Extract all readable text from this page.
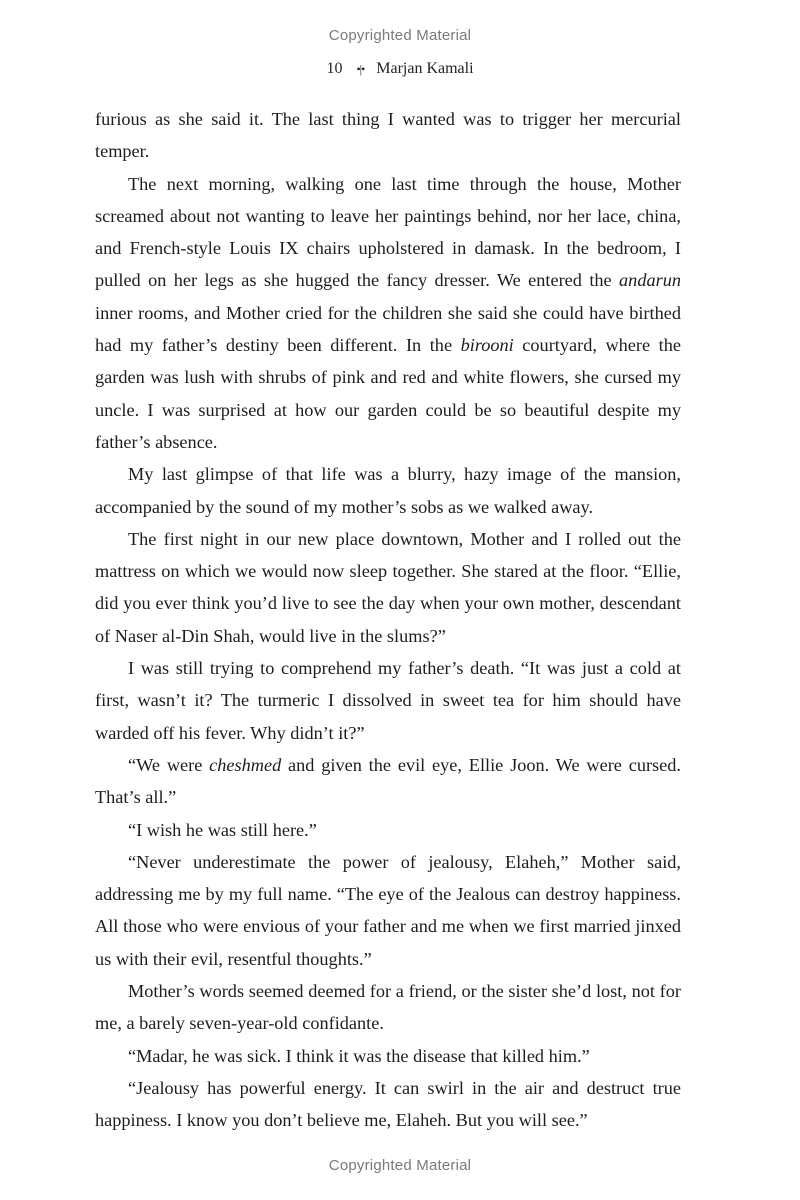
Copyrighted Material
10 •|• Marjan Kamali

furious as she said it. The last thing I wanted was to trigger her mercurial temper.

The next morning, walking one last time through the house, Mother screamed about not wanting to leave her paintings behind, nor her lace, china, and French-style Louis IX chairs upholstered in damask. In the bedroom, I pulled on her legs as she hugged the fancy dresser. We entered the andarun inner rooms, and Mother cried for the children she said she could have birthed had my father’s destiny been different. In the birooni courtyard, where the garden was lush with shrubs of pink and red and white flowers, she cursed my uncle. I was surprised at how our garden could be so beautiful despite my father’s absence.

My last glimpse of that life was a blurry, hazy image of the mansion, accompanied by the sound of my mother’s sobs as we walked away.

The first night in our new place downtown, Mother and I rolled out the mattress on which we would now sleep together. She stared at the floor. “Ellie, did you ever think you’d live to see the day when your own mother, descendant of Naser al-Din Shah, would live in the slums?”

I was still trying to comprehend my father’s death. “It was just a cold at first, wasn’t it? The turmeric I dissolved in sweet tea for him should have warded off his fever. Why didn’t it?”

“We were cheshmed and given the evil eye, Ellie Joon. We were cursed. That’s all.”

“I wish he was still here.”

“Never underestimate the power of jealousy, Elaheh,” Mother said, addressing me by my full name. “The eye of the Jealous can destroy happiness. All those who were envious of your father and me when we first married jinxed us with their evil, resentful thoughts.”

Mother’s words seemed deemed for a friend, or the sister she’d lost, not for me, a barely seven-year-old confidante.

“Madar, he was sick. I think it was the disease that killed him.”

“Jealousy has powerful energy. It can swirl in the air and destruct true happiness. I know you don’t believe me, Elaheh. But you will see.”

Copyrighted Material
